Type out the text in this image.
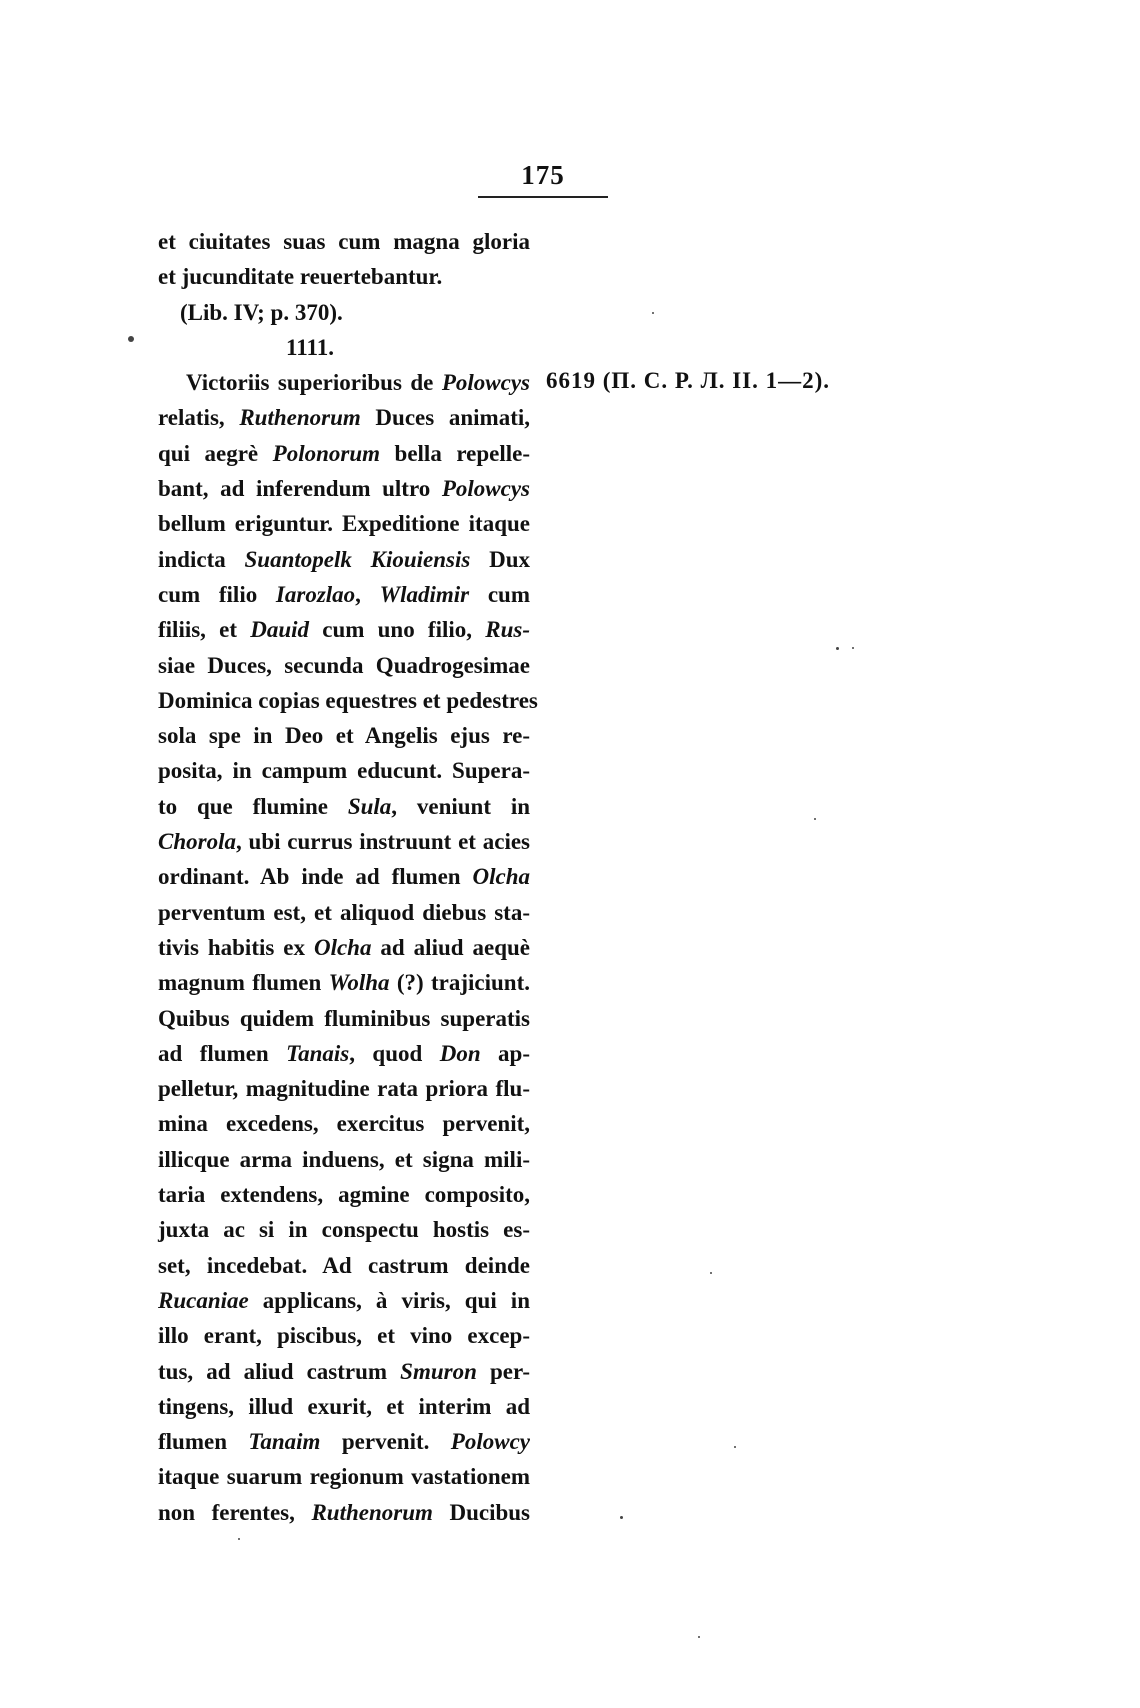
175
et ciuitates suas cum magna gloria
et jucunditate reuertebantur.
(Lib. IV; p. 370).
1111.
Victoriis superioribus de Polowcys
relatis, Ruthenorum Duces animati,
qui aegrè Polonorum bella repelle-
bant, ad inferendum ultro Polowcys
bellum eriguntur. Expeditione itaque
indicta Suantopelk Kiouiensis Dux
cum filio Iarozlao, Wladimir cum
filiis, et Dauid cum uno filio, Rus-
siae Duces, secunda Quadrogesimae
Dominica copias equestres et pedestres
sola spe in Deo et Angelis ejus re-
posita, in campum educunt. Supera-
to que flumine Sula, veniunt in
Chorola, ubi currus instruunt et acies
ordinant. Ab inde ad flumen Olcha
perventum est, et aliquod diebus sta-
tivis habitis ex Olcha ad aliud aequè
magnum flumen Wolha (?) trajiciunt.
Quibus quidem fluminibus superatis
ad flumen Tanais, quod Don ap-
pelletur, magnitudine rata priora flu-
mina excedens, exercitus pervenit,
illicque arma induens, et signa mili-
taria extendens, agmine composito,
juxta ac si in conspectu hostis es-
set, incedebat. Ad castrum deinde
Rucaniae applicans, à viris, qui in
illo erant, piscibus, et vino excep-
tus, ad aliud castrum Smuron per-
tingens, illud exurit, et interim ad
flumen Tanaim pervenit. Polowcy
itaque suarum regionum vastationem
non ferentes, Ruthenorum Ducibus
6619 (П. С. Р. Л. II. 1—2).
